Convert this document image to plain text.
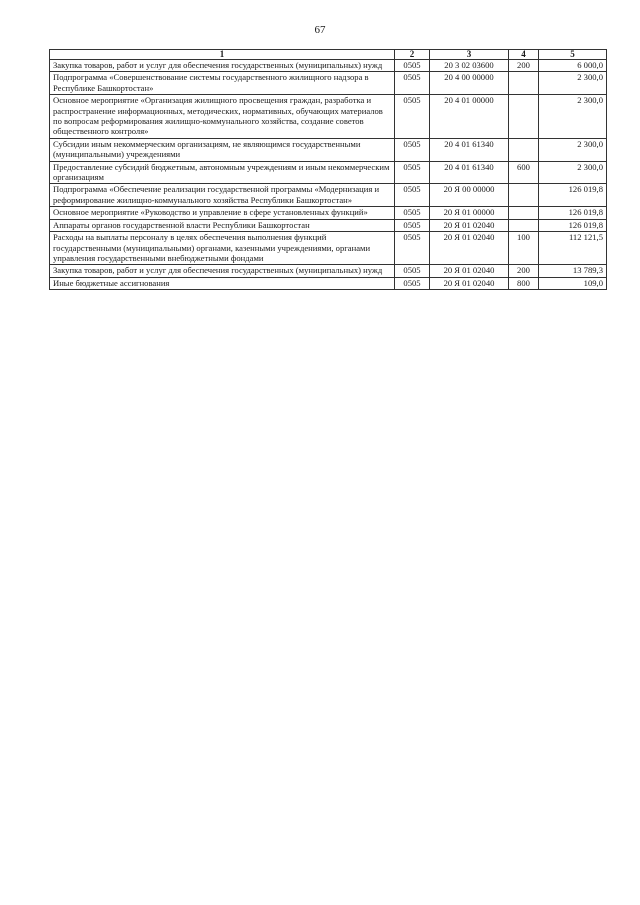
67
1	2	3	4	5
Закупка товаров, работ и услуг для обеспечения государственных (муниципальных) нужд	0505	20 3 02 03600	200	6 000,0
Подпрограмма «Совершенствование системы государственного жилищного надзора в Республике Башкортостан»	0505	20 4 00 00000		2 300,0
Основное мероприятие «Организация жилищного просвещения граждан, разработка и распространение информационных, методических, нормативных, обучающих материалов по вопросам реформирования жилищно-коммунального хозяйства, создание советов общественного контроля»	0505	20 4 01 00000		2 300,0
Субсидии иным некоммерческим организациям, не являющимся государственными (муниципальными) учреждениями	0505	20 4 01 61340		2 300,0
Предоставление субсидий бюджетным, автономным учреждениям и иным некоммерческим организациям	0505	20 4 01 61340	600	2 300,0
Подпрограмма «Обеспечение реализации государственной программы «Модернизация и реформирование жилищно-коммунального хозяйства Республики Башкортостан»	0505	20 Я 00 00000		126 019,8
Основное мероприятие «Руководство и управление в сфере установленных функций»	0505	20 Я 01 00000		126 019,8
Аппараты органов государственной власти Республики Башкортостан	0505	20 Я 01 02040		126 019,8
Расходы на выплаты персоналу в целях обеспечения выполнения функций государственными (муниципальными) органами, казенными учреждениями, органами управления государственными внебюджетными фондами	0505	20 Я 01 02040	100	112 121,5
Закупка товаров, работ и услуг для обеспечения государственных (муниципальных) нужд	0505	20 Я 01 02040	200	13 789,3
Иные бюджетные ассигнования	0505	20 Я 01 02040	800	109,0
